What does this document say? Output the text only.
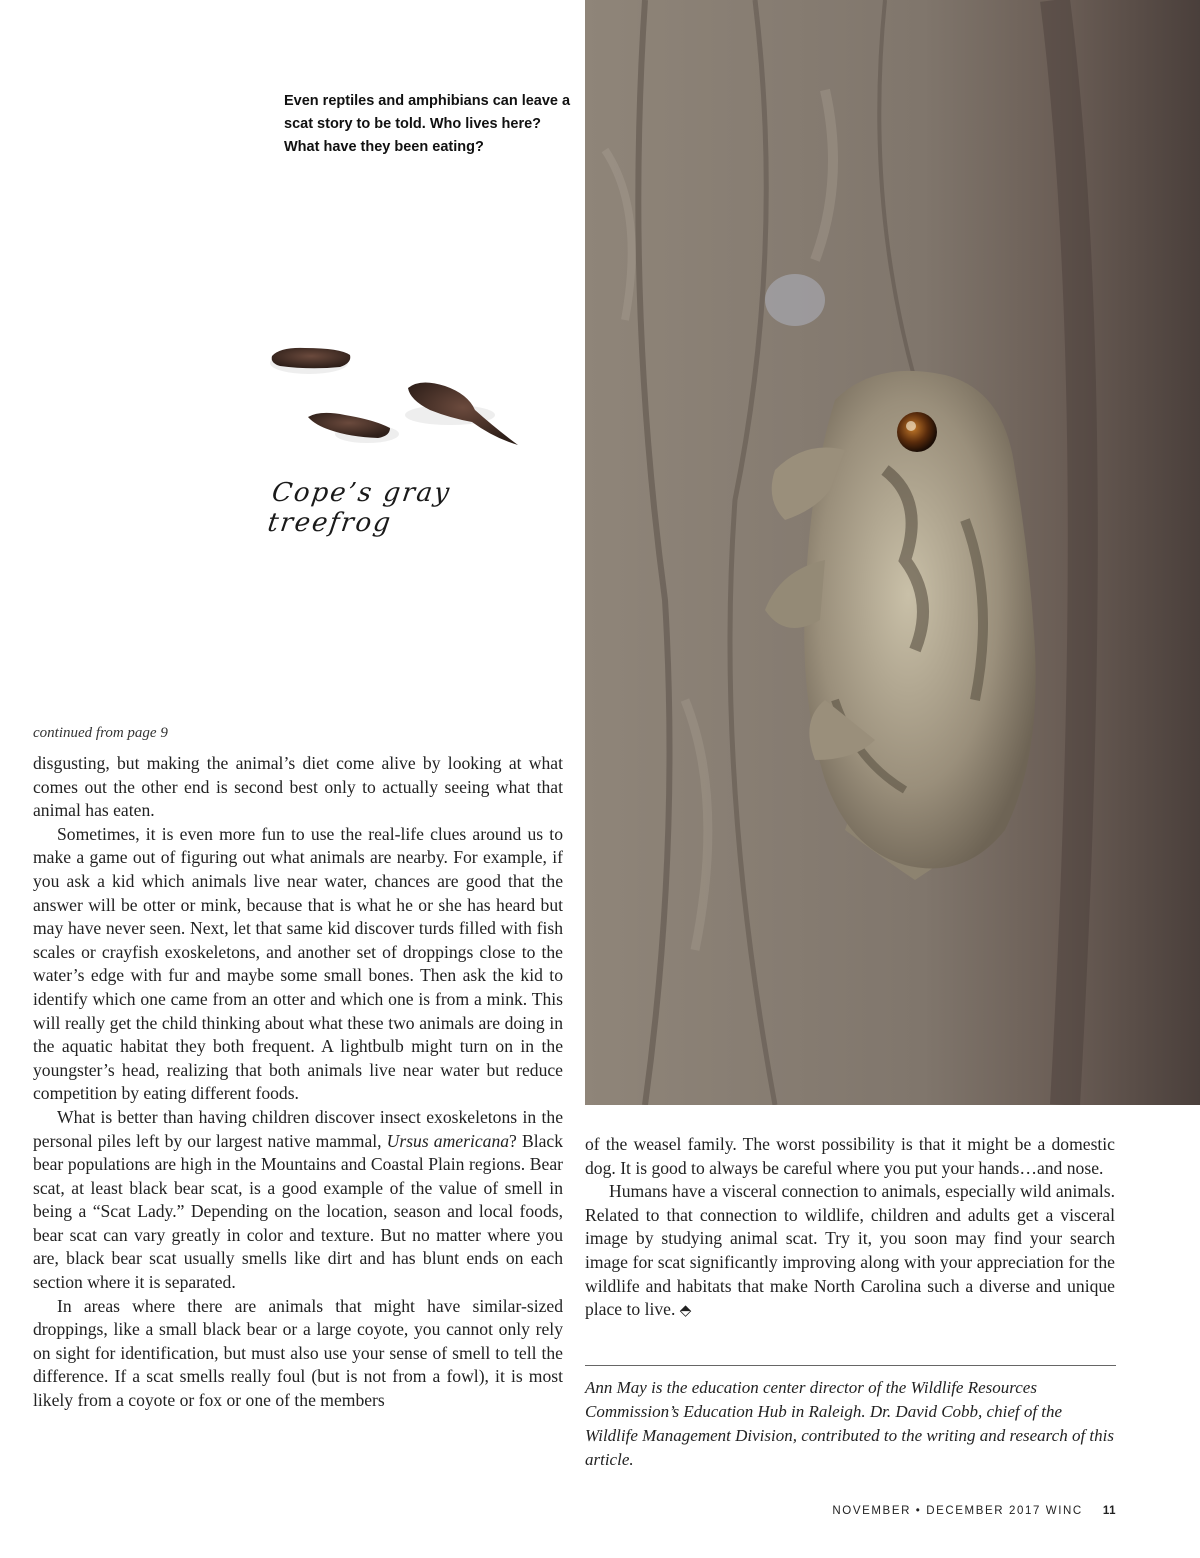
Even reptiles and amphibians can leave a scat story to be told. Who lives here? What have they been eating?
Cope’s gray treefrog
continued from page 9

disgusting, but making the animal’s diet come alive by looking at what comes out the other end is second best only to actually seeing what that animal has eaten.

Sometimes, it is even more fun to use the real-life clues around us to make a game out of figuring out what animals are nearby. For example, if you ask a kid which animals live near water, chances are good that the answer will be otter or mink, because that is what he or she has heard but may have never seen. Next, let that same kid discover turds filled with fish scales or crayfish exoskeletons, and another set of droppings close to the water’s edge with fur and maybe some small bones. Then ask the kid to identify which one came from an otter and which one is from a mink. This will really get the child thinking about what these two animals are doing in the aquatic habitat they both frequent. A lightbulb might turn on in the youngster’s head, realizing that both animals live near water but reduce competition by eating different foods.

What is better than having children discover insect exoskeletons in the personal piles left by our largest native mammal, Ursus americana? Black bear populations are high in the Mountains and Coastal Plain regions. Bear scat, at least black bear scat, is a good example of the value of smell in being a “Scat Lady.” Depending on the location, season and local foods, bear scat can vary greatly in color and texture. But no matter where you are, black bear scat usually smells like dirt and has blunt ends on each section where it is separated.

In areas where there are animals that might have similar-sized droppings, like a small black bear or a large coyote, you cannot only rely on sight for identification, but must also use your sense of smell to tell the difference. If a scat smells really foul (but is not from a fowl), it is most likely from a coyote or fox or one of the members

of the weasel family. The worst possibility is that it might be a domestic dog. It is good to always be careful where you put your hands…and nose.

Humans have a visceral connection to animals, especially wild animals. Related to that connection to wildlife, children and adults get a visceral image by studying animal scat. Try it, you soon may find your search image for scat significantly improving along with your appreciation for the wildlife and habitats that make North Carolina such a diverse and unique place to live. ⬘

Ann May is the education center director of the Wildlife Resources Commission’s Education Hub in Raleigh. Dr. David Cobb, chief of the Wildlife Management Division, contributed to the writing and research of this article.
NOVEMBER • DECEMBER 2017 WINC 11
